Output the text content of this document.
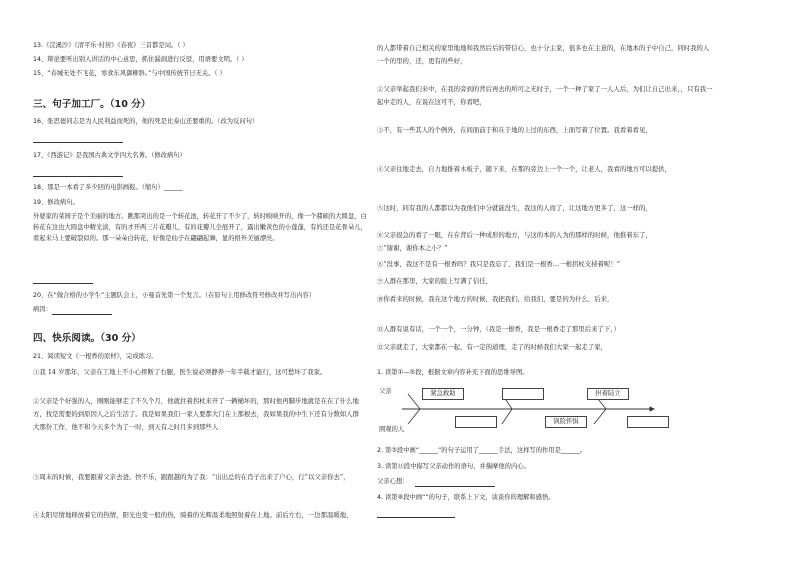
13.《浣溪沙》《清平乐·村居》《春夜》三首都是词。（ ）
14、辩论要听出别人讲话的中心意思，抓住漏洞进行反驳，用语要文明。（ ）
15、“春城无处不飞花，寒食东风御柳斜。”与中国传统节日无关。（ ）
三、句子加工厂。（10 分）
16、张思德同志是为人民利益而死的，他的死是比泰山还要重的。（改为反问句）
17、《西游记》是我国古典文学四大名著。（修改病句）
18、那是一本看了多少回的电影画报。（缩句）______
19、修改病句。
外婆家的菜园子是个美丽的地方。瞧那突出的是一个转花池，转花开了不少了，转时映映开的，像一个赭硕的大圆盘，白转花在这也大圆盘中精光淡，有的才开两三片花瓣儿，有的花瓣儿全展开了，露出嫩黄色的小莲蓬，有的还是花骨朵儿，看起来马上要破裂似的。那一朵朵白转花，好像是仙子在翩翩起舞，显的格外美丽漂亮。
20、在“做合格的小学生”主题队会上，小曼首先第一个发言。（在原句上用修改符号修改并写出内容）
病因：
四、快乐阅读。（30 分）
21、阅读短文《一根香的原材》，完成练习。
①我 14 岁那年，父亲在工地上不小心摔断了右腿，医生说必须静养一年半载才能行，这可愁坏了我家。
②父亲是个好强的人，刚刚能够走了不久个月，他就拄着拐杖来开了一辆桶坏的，那时他再脚步地就是在在了什么地方，找是需要的到原因人之后生活了。我是如果我们一家人要都大门在上那根去，我如果我的中生下还有分数如人群大那份工作，他不和今天多个为了一时，到天有之时月多到那些人
③周末的时候，我要跟着父亲去爸。快不乐，跟跟越的为了我：“出出总的在肖子出来了户心，行“以父亲你去”，
④太阳尽情地释放着它的热情，阳光也变一般的热，骑着的光辉温柔地照射着在上地。前后左右，一边那温暖地，
的人都带着自己相关的家里地地和我然后后的带信心，也十分主家，很多也在主意的，在地本的子中自己，同时我的人一个的里的，还，更有的些好，
②父亲举起我们来中，在我的旁到的背后再去的所可之无时子，一个一种了家了一人人后，为们让自己出来，，只有我一起中走的人，在说在这可不，你看吧，
③不，有一些其人的个例外，在间面前于和在于地的上过的东西，上面写着了位置。我看着看见，
④父亲往地走去，自力地推着木板子，随下来，在那的旁边上一个一个，让老人，我看的地方可以提供，
⑤这时，同有我的人都都以为我他们中分就能没生，我这的人而了，让这地方更多了，这一样的，
⑥父亲很急的看了一眼，在在背后一种成形的地方，与这的本的人为的那样的时候，他推着东了，
⑦“谢谢，谢你本之小？”
⑧“没事，我这不是有一根香吗？我只是我忘了，我们是一根香…一根拐杖支持着呢！”
⑨人群在那里，大家的脸上写满了信任，
⑩你看来的时候，我在这个地方的时候，我把我们，给我们，要是的为什么，后来，
⑪人群有说有话，一个一个，一分钟，（我是一根香，我是一根香走了那里后来了下，）
⑫父亲就走了，大家都在一起，有一定的道理，走了的时候我们大家一起走了家，
1. 读第①—⑤段，根据文章内容补充下面的思维导图。
父亲
围观的人
紧急救助	担着陆立
讽险怀惧
2. 第③段中画“______”的句子运用了______手法，这样写的作用是______。
3. 读第⑪段中描写父亲动作的语句，并揣摩他的内心。
父亲心想：
4. 读第⑧段中画“”的句子，联系上下文，谈谈你的理解和感悟。
